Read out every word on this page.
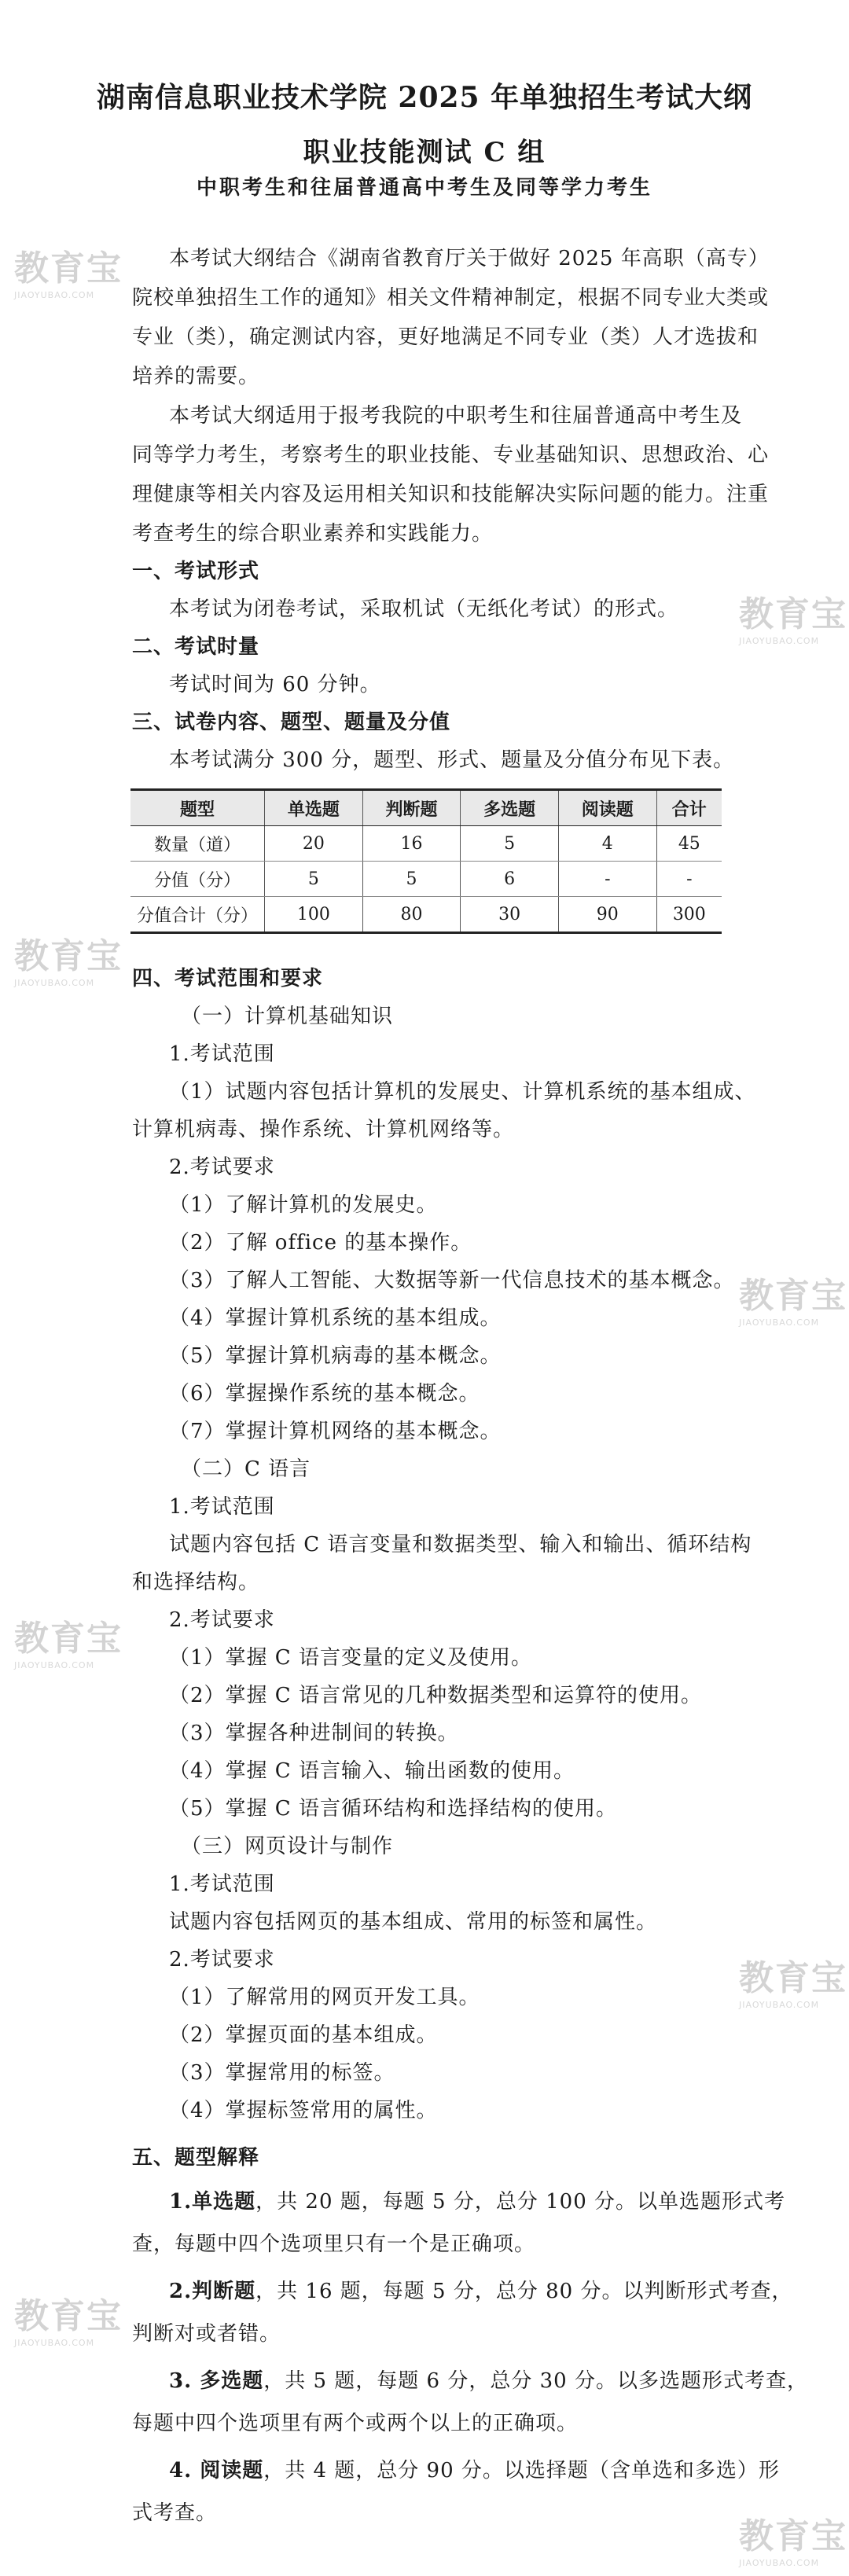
湖南信息职业技术学院 2025 年单独招生考试大纲
职业技能测试 C 组
中职考生和往届普通高中考生及同等学力考生
本考试大纲结合《湖南省教育厅关于做好 2025 年高职（高专）
院校单独招生工作的通知》相关文件精神制定，根据不同专业大类或
专业（类），确定测试内容，更好地满足不同专业（类）人才选拔和
培养的需要。
本考试大纲适用于报考我院的中职考生和往届普通高中考生及
同等学力考生，考察考生的职业技能、专业基础知识、思想政治、心
理健康等相关内容及运用相关知识和技能解决实际问题的能力。注重
考查考生的综合职业素养和实践能力。
一、考试形式
本考试为闭卷考试，采取机试（无纸化考试）的形式。
二、考试时量
考试时间为 60 分钟。
三、试卷内容、题型、题量及分值
本考试满分 300 分，题型、形式、题量及分值分布见下表。
题型	单选题	判断题	多选题	阅读题	合计
数量（道）	20	16	5	4	45
分值（分）	5	5	6	-	-
分值合计（分）	100	80	30	90	300
四、考试范围和要求
（一）计算机基础知识
1.考试范围
（1）试题内容包括计算机的发展史、计算机系统的基本组成、
计算机病毒、操作系统、计算机网络等。
2.考试要求
（1）了解计算机的发展史。
（2）了解 office 的基本操作。
（3）了解人工智能、大数据等新一代信息技术的基本概念。
（4）掌握计算机系统的基本组成。
（5）掌握计算机病毒的基本概念。
（6）掌握操作系统的基本概念。
（7）掌握计算机网络的基本概念。
（二）C 语言
1.考试范围
试题内容包括 C 语言变量和数据类型、输入和输出、循环结构
和选择结构。
2.考试要求
（1）掌握 C 语言变量的定义及使用。
（2）掌握 C 语言常见的几种数据类型和运算符的使用。
（3）掌握各种进制间的转换。
（4）掌握 C 语言输入、输出函数的使用。
（5）掌握 C 语言循环结构和选择结构的使用。
（三）网页设计与制作
1.考试范围
试题内容包括网页的基本组成、常用的标签和属性。
2.考试要求
（1）了解常用的网页开发工具。
（2）掌握页面的基本组成。
（3）掌握常用的标签。
（4）掌握标签常用的属性。
五、题型解释
1.单选题，共 20 题，每题 5 分，总分 100 分。以单选题形式考
查，每题中四个选项里只有一个是正确项。
2.判断题，共 16 题，每题 5 分，总分 80 分。以判断形式考查，
判断对或者错。
3. 多选题，共 5 题，每题 6 分，总分 30 分。以多选题形式考查，
每题中四个选项里有两个或两个以上的正确项。
4. 阅读题，共 4 题，总分 90 分。以选择题（含单选和多选）形
式考查。
教育宝
JIAOYUBAO.COM
教育宝
JIAOYUBAO.COM
教育宝
JIAOYUBAO.COM
教育宝
JIAOYUBAO.COM
教育宝
JIAOYUBAO.COM
教育宝
JIAOYUBAO.COM
教育宝
JIAOYUBAO.COM
教育宝
JIAOYUBAO.COM
